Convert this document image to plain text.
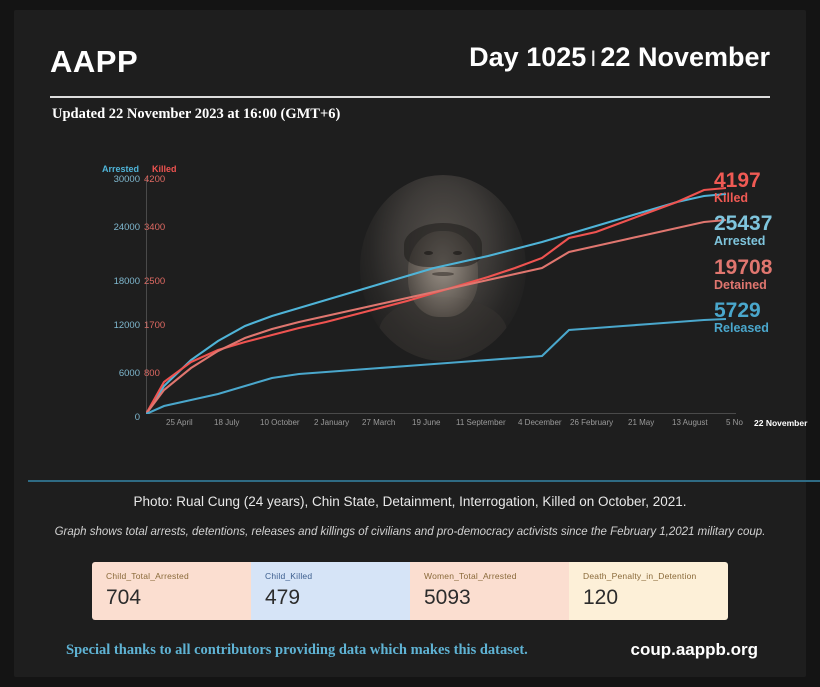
AAPP	Day 1025 I 22 November
Updated 22 November 2023 at 16:00 (GMT+6)
Arrested Killed
30000
24000
18000
12000
6000
0
4200
3400
2500
1700
800
25 April	18 July	10 October 2 January 27 March 19 June 11 September 4 December 26 February 21 May 13 August 5 No 22 November
4197
Killed
25437
Arrested
19708
Detained
5729
Released
Photo: Rual Cung (24 years), Chin State, Detainment, Interrogation, Killed on October, 2021.
Graph shows total arrests, detentions, releases and killings of civilians and pro-democracy activists since the February 1,2021 military coup.
Child_Total_Arrested
704
Child_Killed
479
Women_Total_Arrested
5093
Death_Penalty_in_Detention
120
Special thanks to all contributors providing data which makes this dataset.	coup.aappb.org
